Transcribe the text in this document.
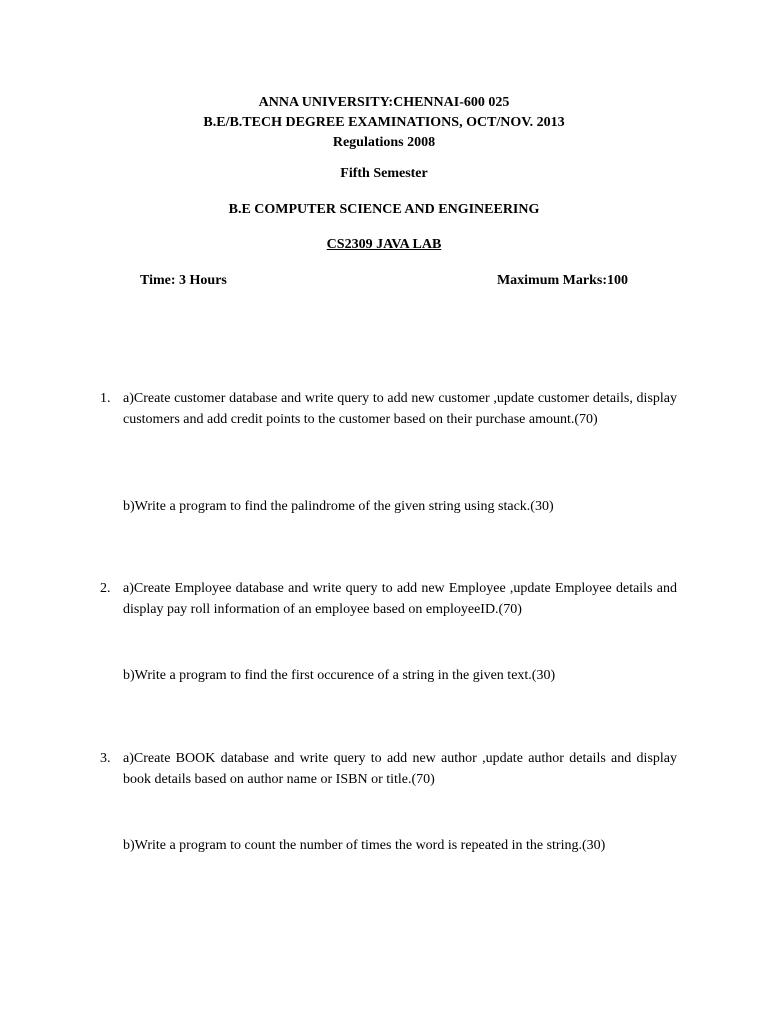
ANNA UNIVERSITY:CHENNAI-600 025
B.E/B.TECH DEGREE EXAMINATIONS, OCT/NOV. 2013
Regulations 2008
Fifth Semester
B.E COMPUTER SCIENCE AND ENGINEERING
CS2309 JAVA LAB
Time: 3 Hours	Maximum Marks:100
1. a)Create customer database and write query to add new customer ,update customer details, display customers and add credit points to the customer based on their purchase amount.(70)
b)Write a program to find the palindrome of the given string using stack.(30)
2. a)Create Employee database and write query to add new Employee ,update Employee details and display pay roll information of an employee based on employeeID.(70)
b)Write a program to find the first occurence of a string in the given text.(30)
3. a)Create BOOK database and write query to add new author ,update author details and display book details based on author name or ISBN or title.(70)
b)Write a program to count the number of times the word is repeated in the string.(30)
